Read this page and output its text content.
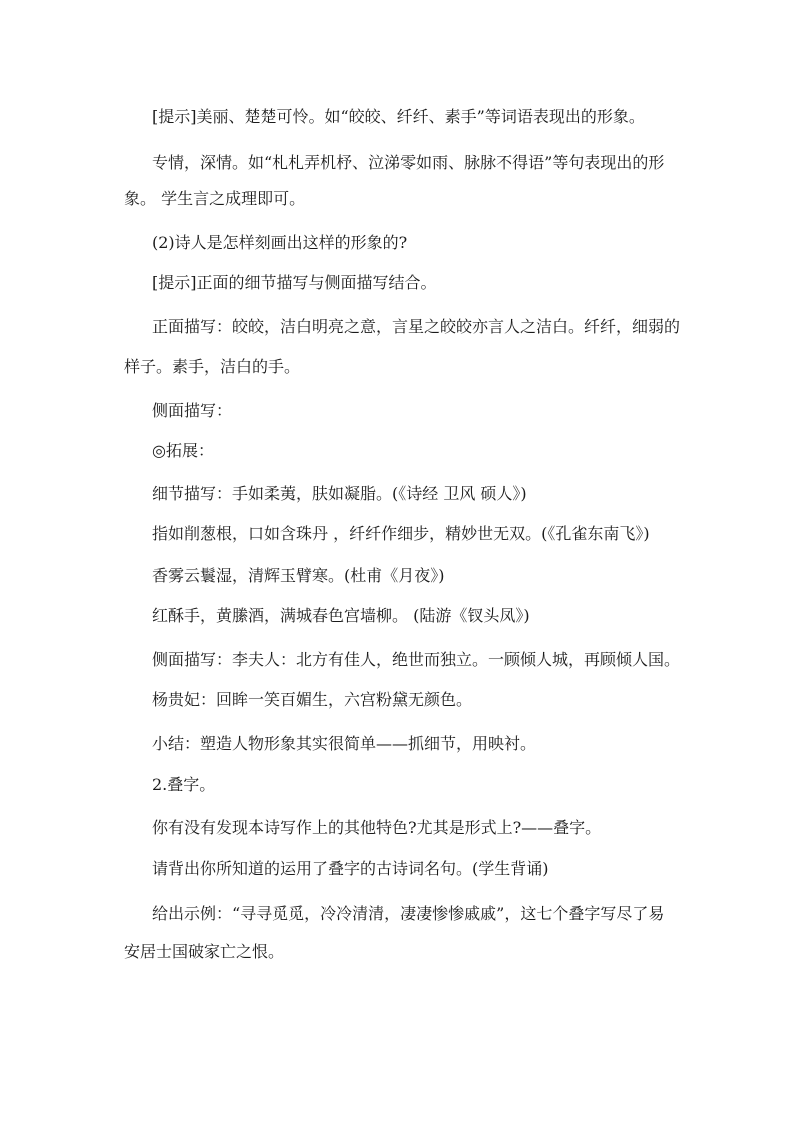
[提示]美丽、楚楚可怜。如“皎皎、纤纤、素手”等词语表现出的形象。
专情，深情。如“札札弄机杼、泣涕零如雨、脉脉不得语”等句表现出的形
象。 学生言之成理即可。
(2)诗人是怎样刻画出这样的形象的?
[提示]正面的细节描写与侧面描写结合。
正面描写：皎皎，洁白明亮之意，言星之皎皎亦言人之洁白。纤纤，细弱的
样子。素手，洁白的手。
侧面描写：
◎拓展：
细节描写：手如柔荑，肤如凝脂。(《诗经 卫风 硕人》)
指如削葱根，口如含珠丹 ，纤纤作细步，精妙世无双。(《孔雀东南飞》)
香雾云鬟湿，清辉玉臂寒。(杜甫《月夜》)
红酥手，黄縢酒，满城春色宫墙柳。 (陆游《钗头凤》)
侧面描写：李夫人：北方有佳人，绝世而独立。一顾倾人城，再顾倾人国。
杨贵妃：回眸一笑百媚生，六宫粉黛无颜色。
小结：塑造人物形象其实很简单——抓细节，用映衬。
2.叠字。
你有没有发现本诗写作上的其他特色?尤其是形式上?——叠字。
请背出你所知道的运用了叠字的古诗词名句。(学生背诵)
给出示例：“寻寻觅觅，冷冷清清，凄凄惨惨戚戚”，这七个叠字写尽了易
安居士国破家亡之恨。
